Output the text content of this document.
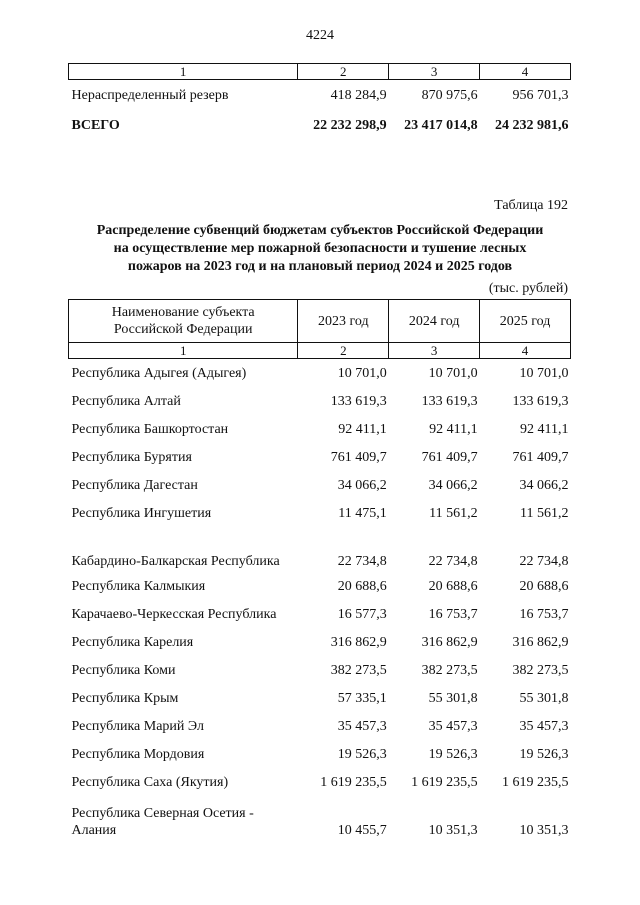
4224
1	2	3	4
Нераспределенный резерв	418 284,9	870 975,6	956 701,3
ВСЕГО	22 232 298,9	23 417 014,8	24 232 981,6
Таблица 192
Распределение субвенций бюджетам субъектов Российской Федерации
на осуществление мер пожарной безопасности и тушение лесных
пожаров на 2023 год и на плановый период 2024 и 2025 годов
(тыс. рублей)
Наименование субъекта Российской Федерации	2023 год	2024 год	2025 год
1	2	3	4
Республика Адыгея (Адыгея)	10 701,0	10 701,0	10 701,0
Республика Алтай	133 619,3	133 619,3	133 619,3
Республика Башкортостан	92 411,1	92 411,1	92 411,1
Республика Бурятия	761 409,7	761 409,7	761 409,7
Республика Дагестан	34 066,2	34 066,2	34 066,2
Республика Ингушетия	11 475,1	11 561,2	11 561,2
Кабардино-Балкарская Республика	22 734,8	22 734,8	22 734,8
Республика Калмыкия	20 688,6	20 688,6	20 688,6
Карачаево-Черкесская Республика	16 577,3	16 753,7	16 753,7
Республика Карелия	316 862,9	316 862,9	316 862,9
Республика Коми	382 273,5	382 273,5	382 273,5
Республика Крым	57 335,1	55 301,8	55 301,8
Республика Марий Эл	35 457,3	35 457,3	35 457,3
Республика Мордовия	19 526,3	19 526,3	19 526,3
Республика Саха (Якутия)	1 619 235,5	1 619 235,5	1 619 235,5
Республика Северная Осетия - Алания	10 455,7	10 351,3	10 351,3
